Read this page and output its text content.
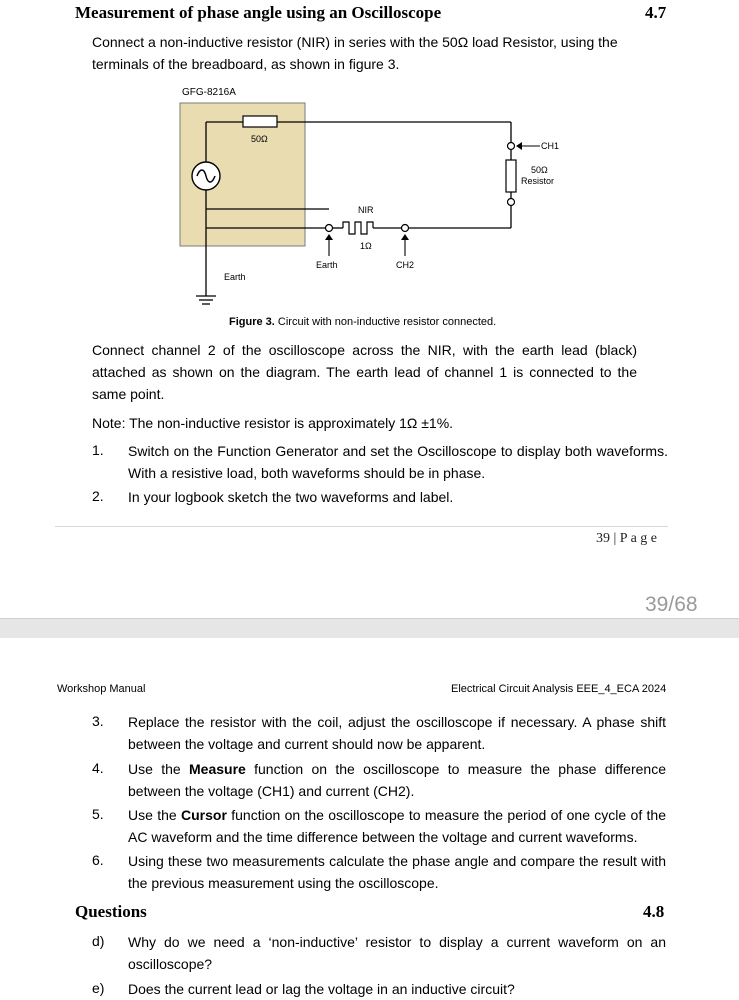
Measurement of phase angle using an Oscilloscope	4.7
Connect a non-inductive resistor (NIR) in series with the 50Ω load Resistor, using the terminals of the breadboard, as shown in figure 3.
GFG-8216A
50Ω
Earth
NIR
1Ω
Earth	CH2
50Ω
Resistor
CH1
Figure 3. Circuit with non-inductive resistor connected.
Connect channel 2 of the oscilloscope across the NIR, with the earth lead (black) attached as shown on the diagram. The earth lead of channel 1 is connected to the same point.
Note: The non-inductive resistor is approximately 1Ω ±1%.
1. Switch on the Function Generator and set the Oscilloscope to display both waveforms. With a resistive load, both waveforms should be in phase.
2. In your logbook sketch the two waveforms and label.
39 | P a g e
39/68
Workshop Manual	Electrical Circuit Analysis EEE_4_ECA 2024
3. Replace the resistor with the coil, adjust the oscilloscope if necessary. A phase shift between the voltage and current should now be apparent.
4. Use the Measure function on the oscilloscope to measure the phase difference between the voltage (CH1) and current (CH2).
5. Use the Cursor function on the oscilloscope to measure the period of one cycle of the AC waveform and the time difference between the voltage and current waveforms.
6. Using these two measurements calculate the phase angle and compare the result with the previous measurement using the oscilloscope.
Questions	4.8
d) Why do we need a ‘non-inductive’ resistor to display a current waveform on an oscilloscope?
e) Does the current lead or lag the voltage in an inductive circuit?
